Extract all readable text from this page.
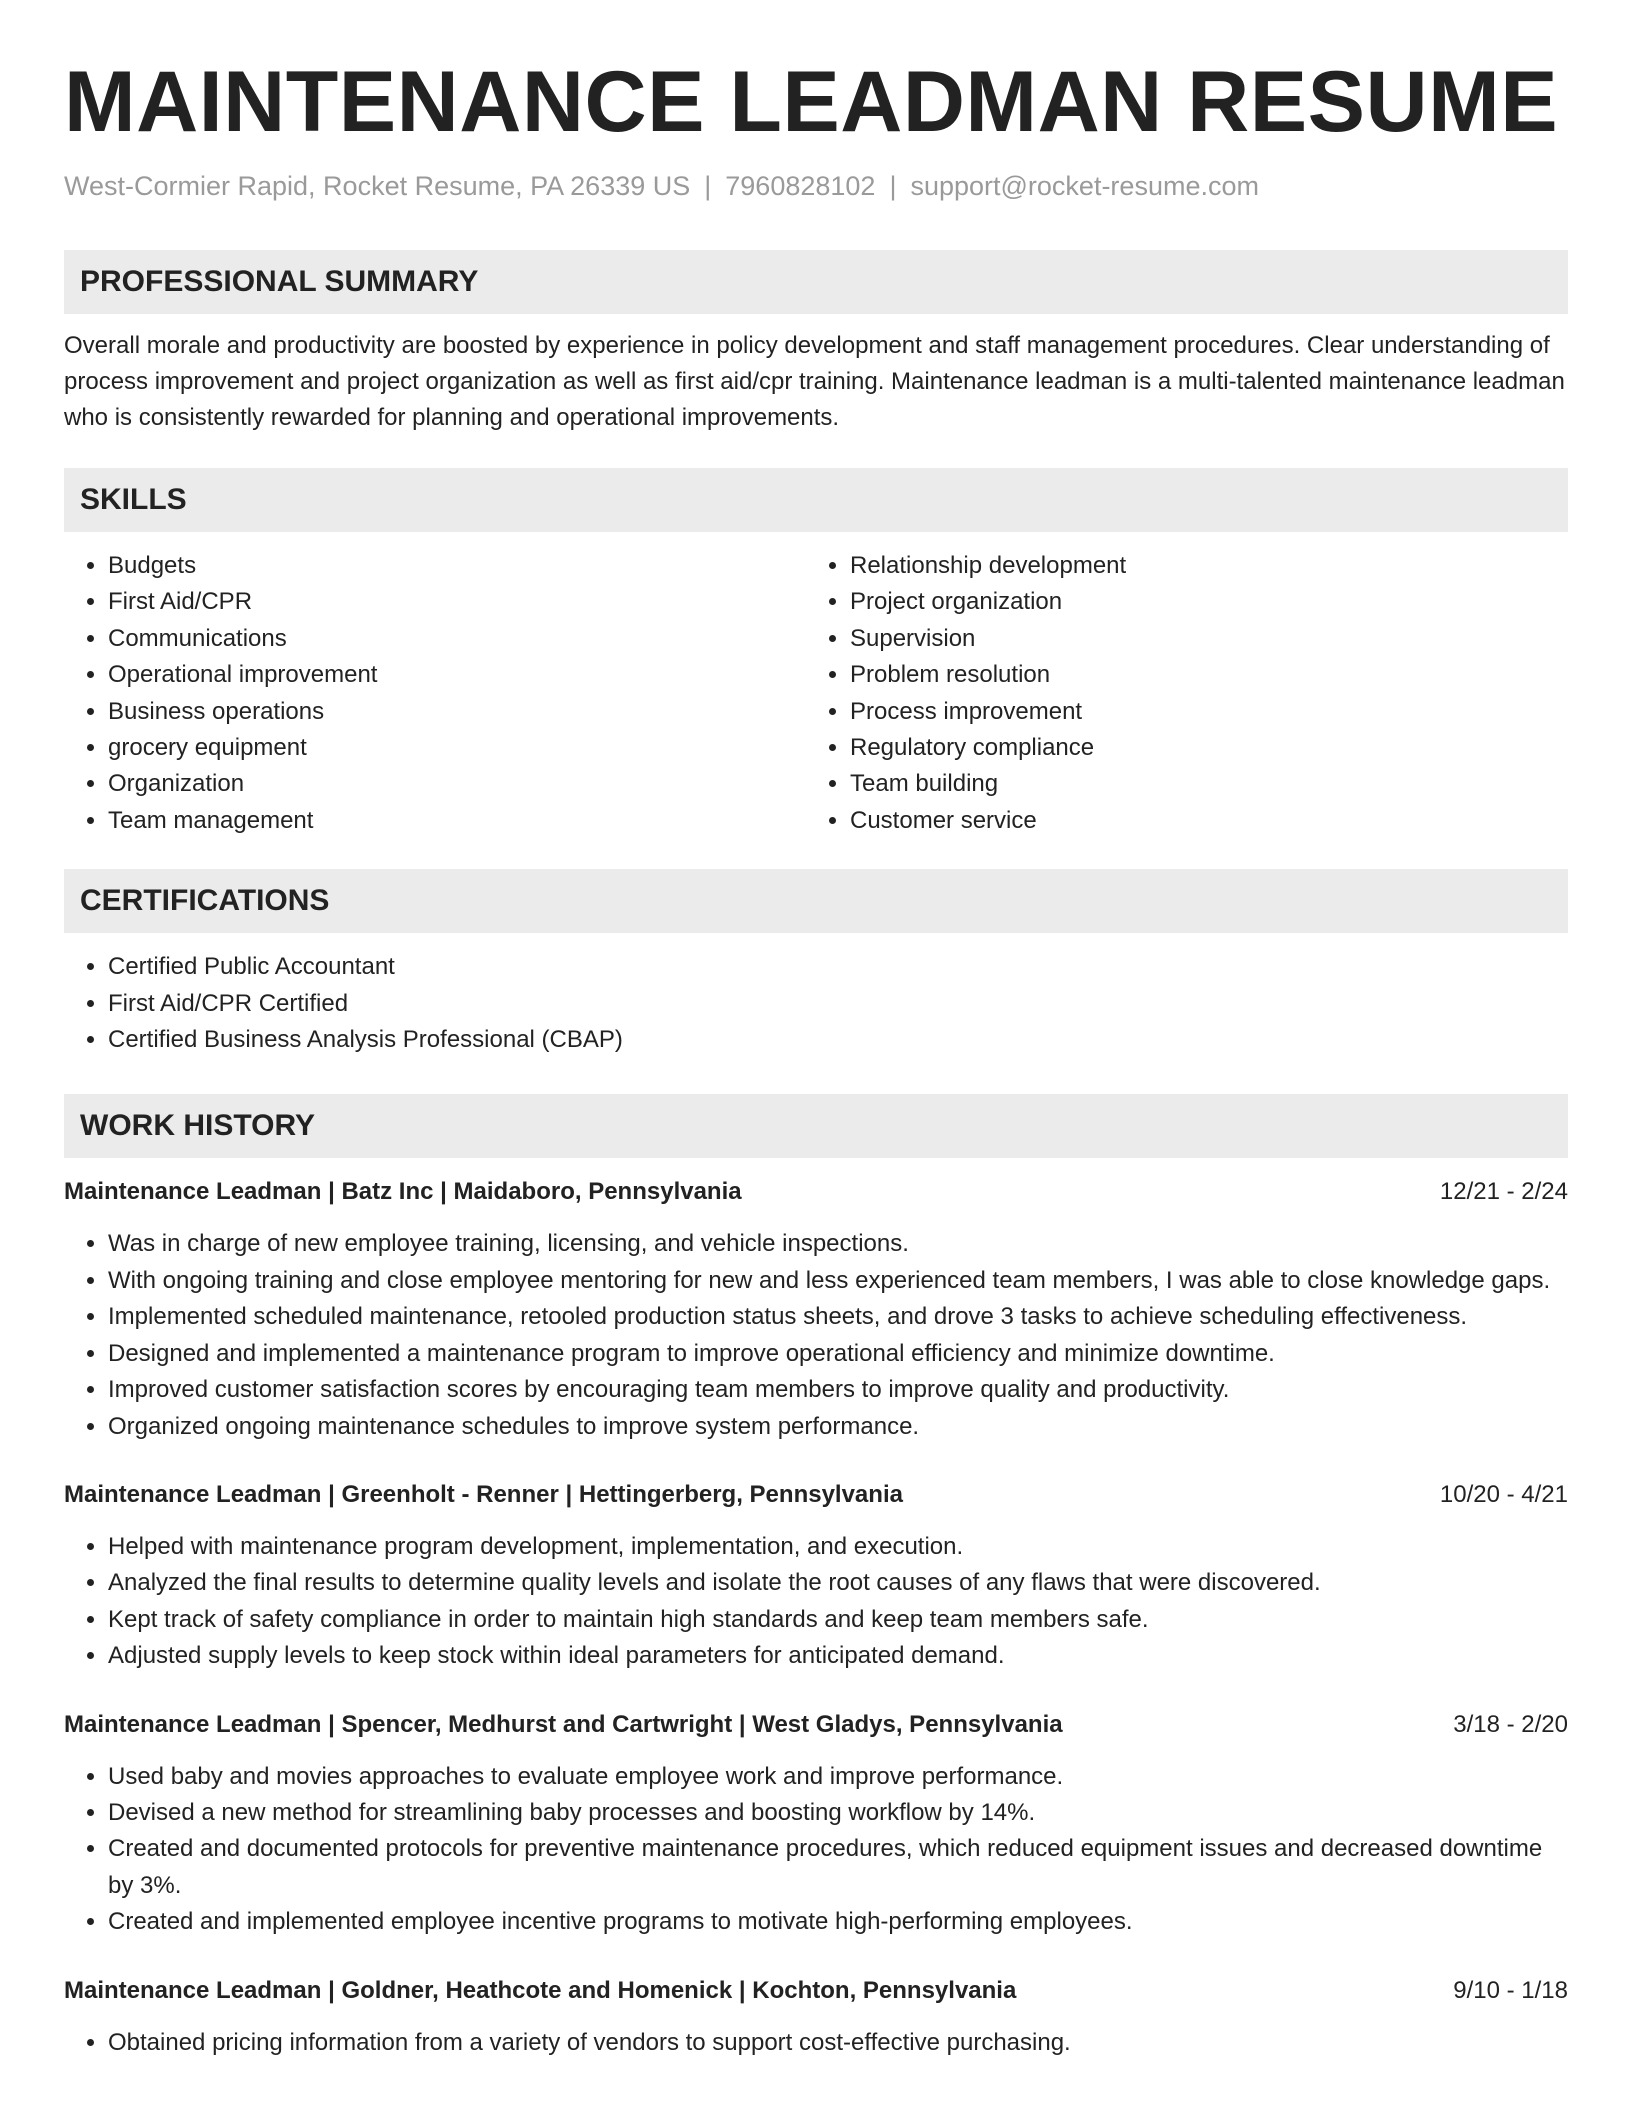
MAINTENANCE LEADMAN RESUME
West-Cormier Rapid, Rocket Resume, PA 26339 US | 7960828102 | support@rocket-resume.com
PROFESSIONAL SUMMARY

Overall morale and productivity are boosted by experience in policy development and staff management procedures. Clear understanding of process improvement and project organization as well as first aid/cpr training. Maintenance leadman is a multi-talented maintenance leadman who is consistently rewarded for planning and operational improvements.

SKILLS
• Budgets
• First Aid/CPR
• Communications
• Operational improvement
• Business operations
• grocery equipment
• Organization
• Team management
• Relationship development
• Project organization
• Supervision
• Problem resolution
• Process improvement
• Regulatory compliance
• Team building
• Customer service
CERTIFICATIONS
• Certified Public Accountant
• First Aid/CPR Certified
• Certified Business Analysis Professional (CBAP)
WORK HISTORY
Maintenance Leadman | Batz Inc | Maidaboro, Pennsylvania	12/21 - 2/24
• Was in charge of new employee training, licensing, and vehicle inspections.
• With ongoing training and close employee mentoring for new and less experienced team members, I was able to close knowledge gaps.
• Implemented scheduled maintenance, retooled production status sheets, and drove 3 tasks to achieve scheduling effectiveness.
• Designed and implemented a maintenance program to improve operational efficiency and minimize downtime.
• Improved customer satisfaction scores by encouraging team members to improve quality and productivity.
• Organized ongoing maintenance schedules to improve system performance.
Maintenance Leadman | Greenholt - Renner | Hettingerberg, Pennsylvania	10/20 - 4/21
• Helped with maintenance program development, implementation, and execution.
• Analyzed the final results to determine quality levels and isolate the root causes of any flaws that were discovered.
• Kept track of safety compliance in order to maintain high standards and keep team members safe.
• Adjusted supply levels to keep stock within ideal parameters for anticipated demand.
Maintenance Leadman | Spencer, Medhurst and Cartwright | West Gladys, Pennsylvania	3/18 - 2/20
• Used baby and movies approaches to evaluate employee work and improve performance.
• Devised a new method for streamlining baby processes and boosting workflow by 14%.
• Created and documented protocols for preventive maintenance procedures, which reduced equipment issues and decreased downtime by 3%.
• Created and implemented employee incentive programs to motivate high-performing employees.
Maintenance Leadman | Goldner, Heathcote and Homenick | Kochton, Pennsylvania	9/10 - 1/18
• Obtained pricing information from a variety of vendors to support cost-effective purchasing.
